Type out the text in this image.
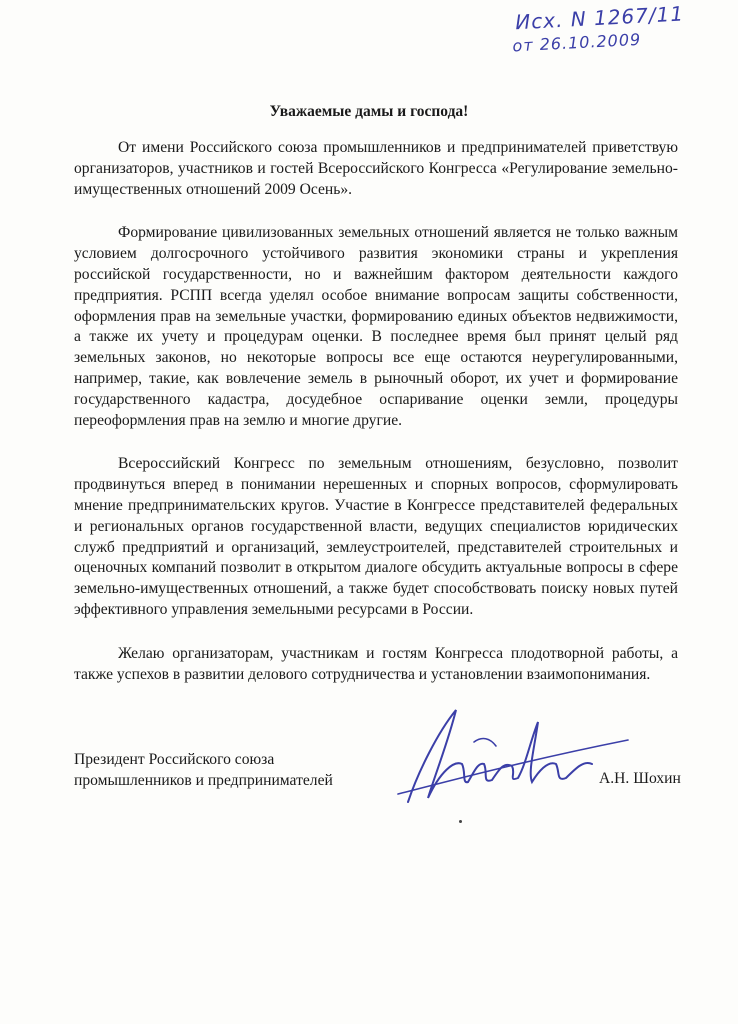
Исх. N 1267/11
от 26.10.2009
Уважаемые дамы и господа!

От имени Российского союза промышленников и предпринимателей приветствую организаторов, участников и гостей Всероссийского Конгресса «Регулирование земельно-имущественных отношений 2009 Осень».

Формирование цивилизованных земельных отношений является не только важным условием долгосрочного устойчивого развития экономики страны и укрепления российской государственности, но и важнейшим фактором деятельности каждого предприятия. РСПП всегда уделял особое внимание вопросам защиты собственности, оформления прав на земельные участки, формированию единых объектов недвижимости, а также их учету и процедурам оценки. В последнее время был принят целый ряд земельных законов, но некоторые вопросы все еще остаются неурегулированными, например, такие, как вовлечение земель в рыночный оборот, их учет и формирование государственного кадастра, досудебное оспаривание оценки земли, процедуры переоформления прав на землю и многие другие.

Всероссийский Конгресс по земельным отношениям, безусловно, позволит продвинуться вперед в понимании нерешенных и спорных вопросов, сформулировать мнение предпринимательских кругов. Участие в Конгрессе представителей федеральных и региональных органов государственной власти, ведущих специалистов юридических служб предприятий и организаций, землеустроителей, представителей строительных и оценочных компаний позволит в открытом диалоге обсудить актуальные вопросы в сфере земельно-имущественных отношений, а также будет способствовать поиску новых путей эффективного управления земельными ресурсами в России.

Желаю организаторам, участникам и гостям Конгресса плодотворной работы, а также успехов в развитии делового сотрудничества и установлении взаимопонимания.

Президент Российского союза
промышленников и предпринимателей	А.Н. Шохин
